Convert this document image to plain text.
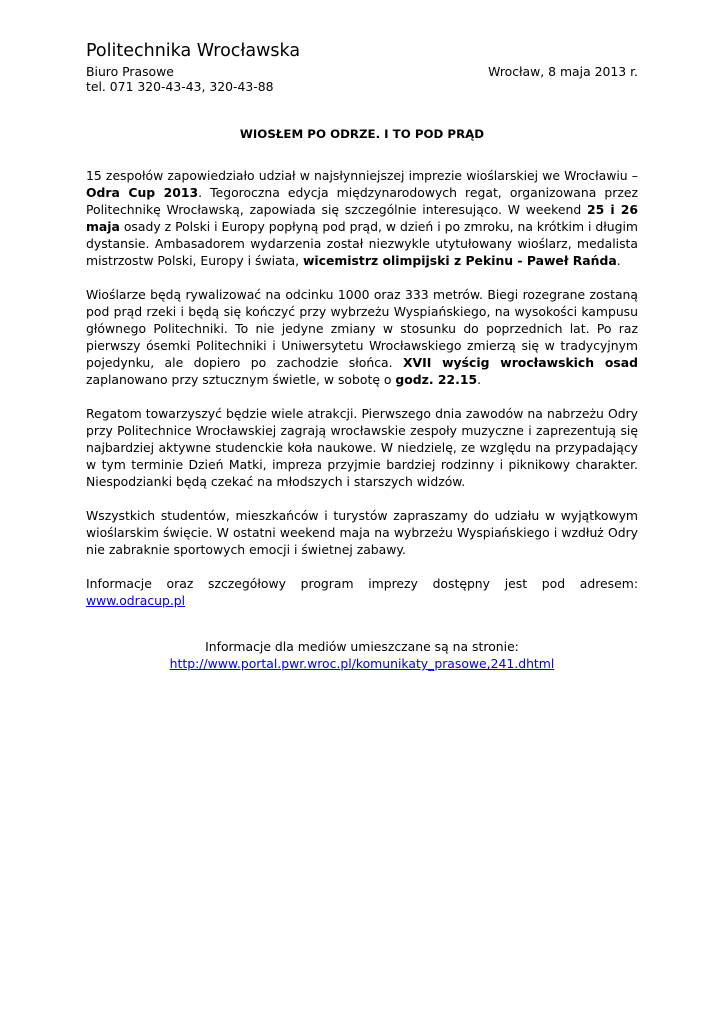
Politechnika Wrocławska
Biuro Prasowe	Wrocław, 8 maja 2013 r.
tel. 071 320-43-43, 320-43-88
WIOSŁEM PO ODRZE. I TO POD PRĄD

15 zespołów zapowiedziało udział w najsłynniejszej imprezie wioślarskiej we Wrocławiu – Odra Cup 2013. Tegoroczna edycja międzynarodowych regat, organizowana przez Politechnikę Wrocławską, zapowiada się szczególnie interesująco. W weekend 25 i 26 maja osady z Polski i Europy popłyną pod prąd, w dzień i po zmroku, na krótkim i długim dystansie. Ambasadorem wydarzenia został niezwykle utytułowany wioślarz, medalista mistrzostw Polski, Europy i świata, wicemistrz olimpijski z Pekinu - Paweł Rańda.

Wioślarze będą rywalizować na odcinku 1000 oraz 333 metrów. Biegi rozegrane zostaną pod prąd rzeki i będą się kończyć przy wybrzeżu Wyspiańskiego, na wysokości kampusu głównego Politechniki. To nie jedyne zmiany w stosunku do poprzednich lat. Po raz pierwszy ósemki Politechniki i Uniwersytetu Wrocławskiego zmierzą się w tradycyjnym pojedynku, ale dopiero po zachodzie słońca. XVII wyścig wrocławskich osad zaplanowano przy sztucznym świetle, w sobotę o godz. 22.15.

Regatom towarzyszyć będzie wiele atrakcji. Pierwszego dnia zawodów na nabrzeżu Odry przy Politechnice Wrocławskiej zagrają wrocławskie zespoły muzyczne i zaprezentują się najbardziej aktywne studenckie koła naukowe. W niedzielę, ze względu na przypadający w tym terminie Dzień Matki, impreza przyjmie bardziej rodzinny i piknikowy charakter. Niespodzianki będą czekać na młodszych i starszych widzów.

Wszystkich studentów, mieszkańców i turystów zapraszamy do udziału w wyjątkowym wioślarskim święcie. W ostatni weekend maja na wybrzeżu Wyspiańskiego i wzdłuż Odry nie zabraknie sportowych emocji i świetnej zabawy.

Informacje oraz szczegółowy program imprezy dostępny jest pod adresem: www.odracup.pl

Informacje dla mediów umieszczane są na stronie:
http://www.portal.pwr.wroc.pl/komunikaty_prasowe,241.dhtml
